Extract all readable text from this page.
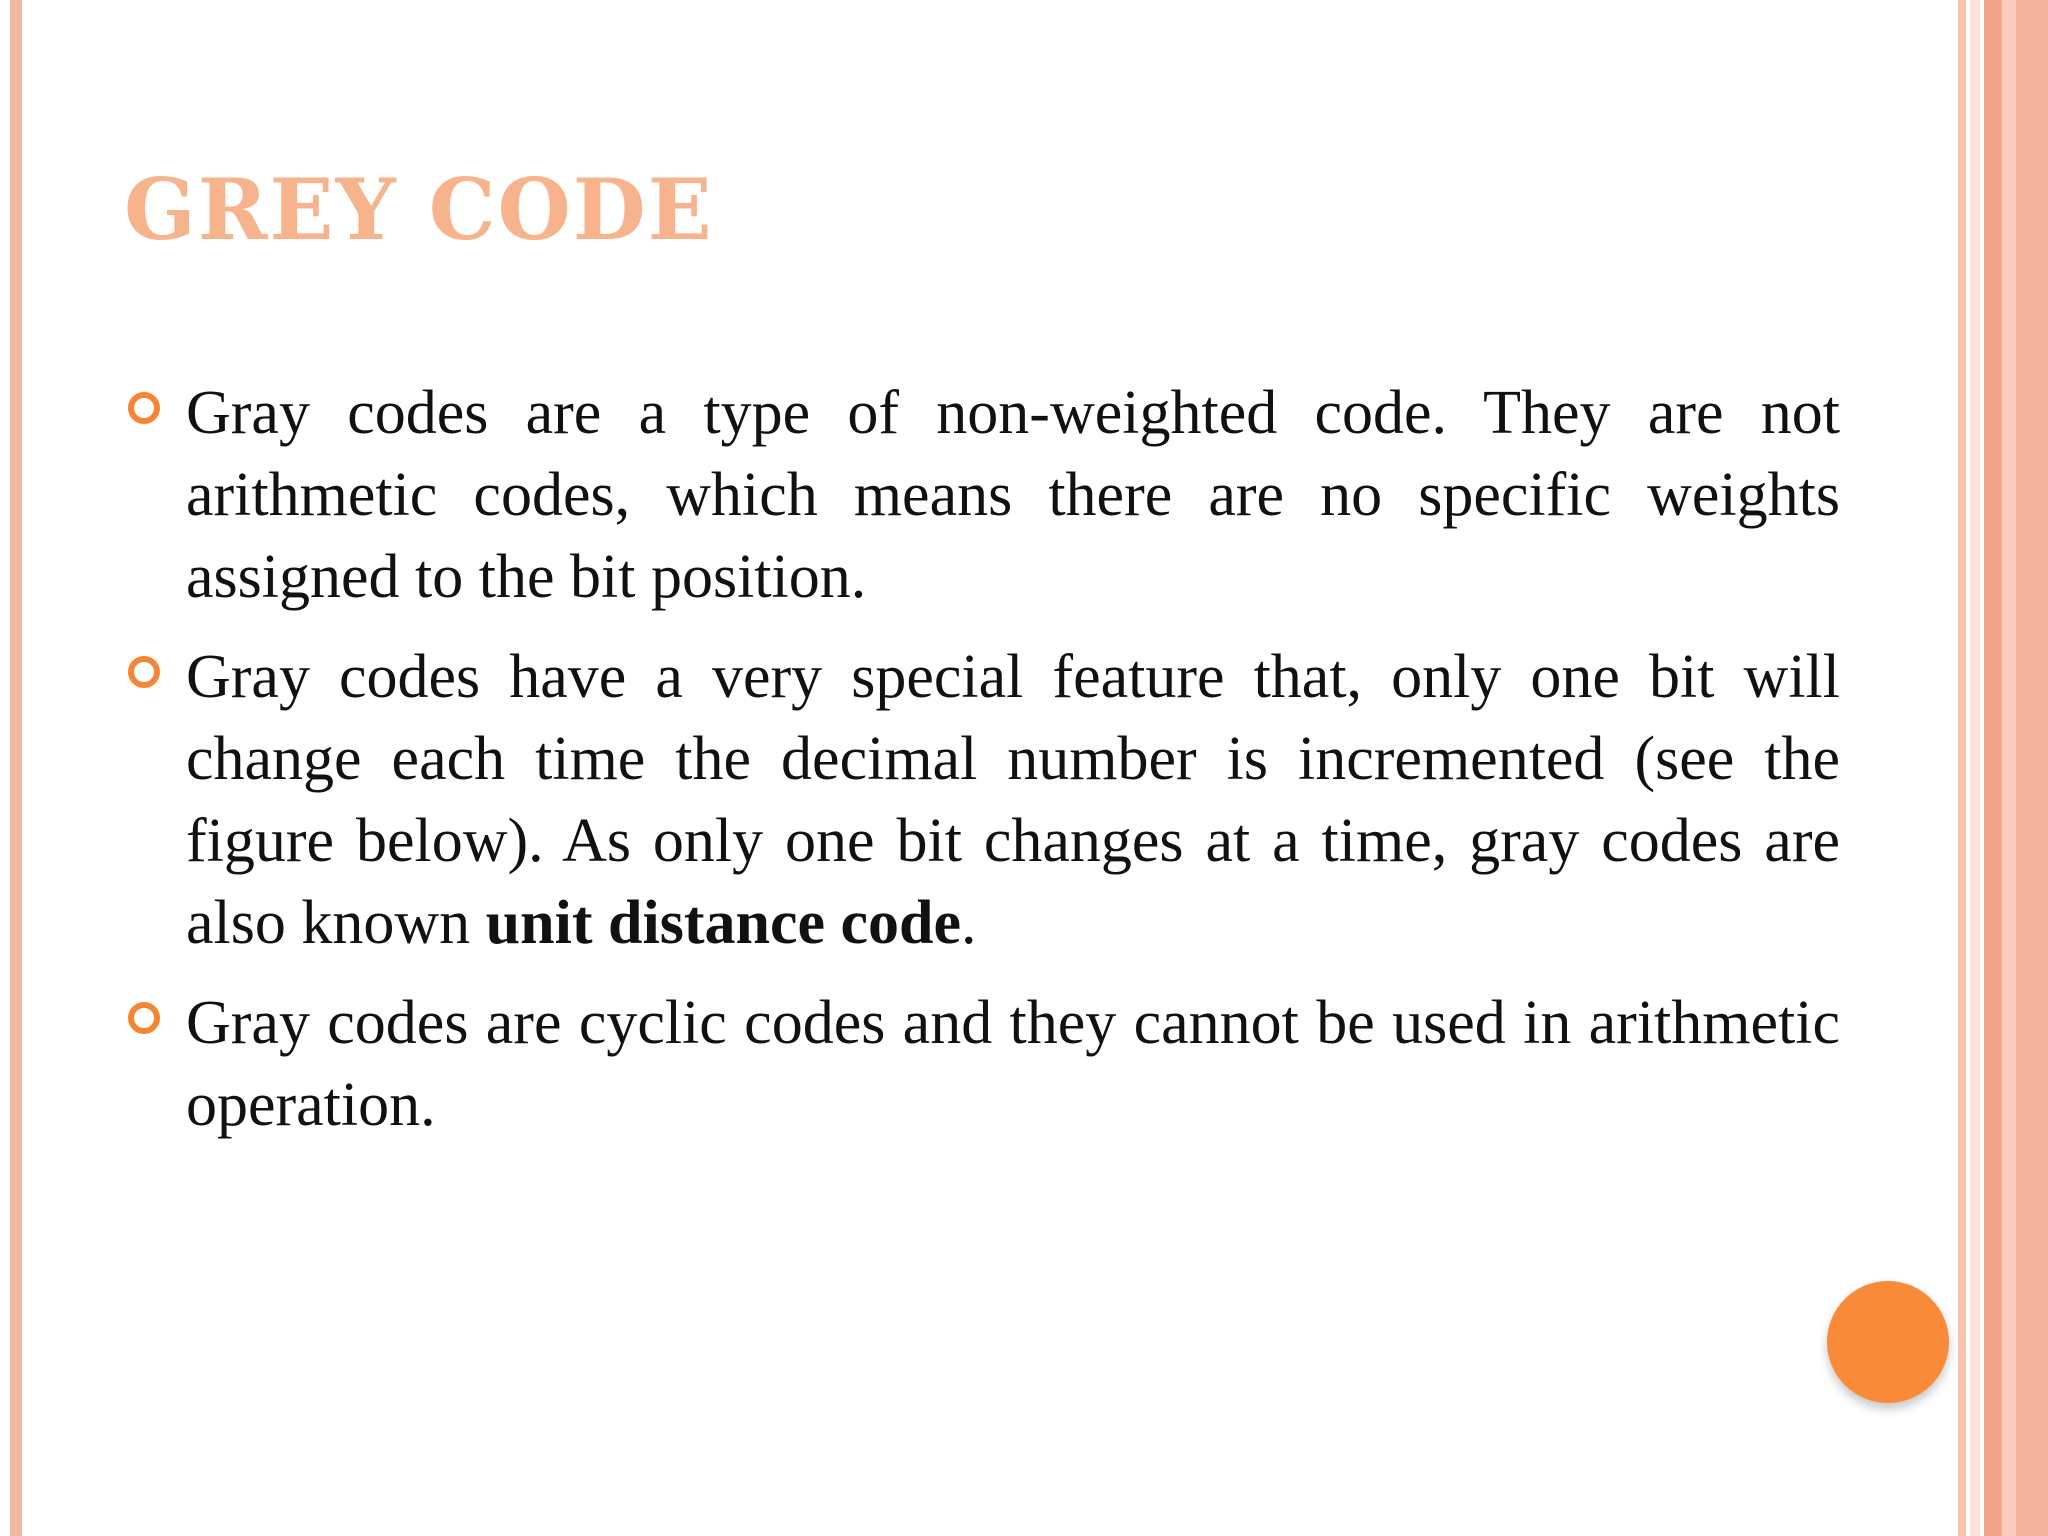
GREY CODE
Gray codes are a type of non-weighted code. They are not arithmetic codes, which means there are no specific weights assigned to the bit position.
Gray codes have a very special feature that, only one bit will change each time the decimal number is incremented (see the figure below). As only one bit changes at a time, gray codes are also known unit distance code.
Gray codes are cyclic codes and they cannot be used in arithmetic operation.
